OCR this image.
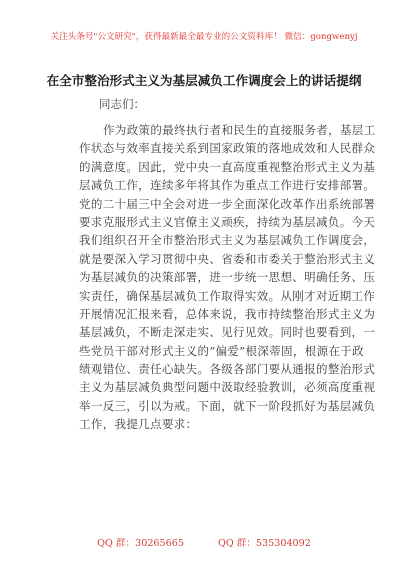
关注头条号"公文研究"，获得最新最全最专业的公文资料库！ 微信：gongwenyj
在全市整治形式主义为基层减负工作调度会上的讲话提纲
同志们：
作为政策的最终执行者和民生的直接服务者，基层工
作状态与效率直接关系到国家政策的落地成效和人民群众
的满意度。因此，党中央一直高度重视整治形式主义为基
层减负工作，连续多年将其作为重点工作进行安排部署。
党的二十届三中全会对进一步全面深化改革作出系统部署
要求克服形式主义官僚主义顽疾，持续为基层减负。今天
我们组织召开全市整治形式主义为基层减负工作调度会，
就是要深入学习贯彻中央、省委和市委关于整治形式主义
为基层减负的决策部署，进一步统一思想、明确任务、压
实责任，确保基层减负工作取得实效。从刚才对近期工作
开展情况汇报来看，总体来说，我市持续整治形式主义为
基层减负，不断走深走实、见行见效。同时也要看到，一
些党员干部对形式主义的“偏爱”根深蒂固，根源在于政
绩观错位、责任心缺失。各级各部门要从通报的整治形式
主义为基层减负典型问题中汲取经验教训，必须高度重视
举一反三，引以为戒。下面，就下一阶段抓好为基层减负
工作，我提几点要求：
QQ 群：30265665	QQ 群：535304092
